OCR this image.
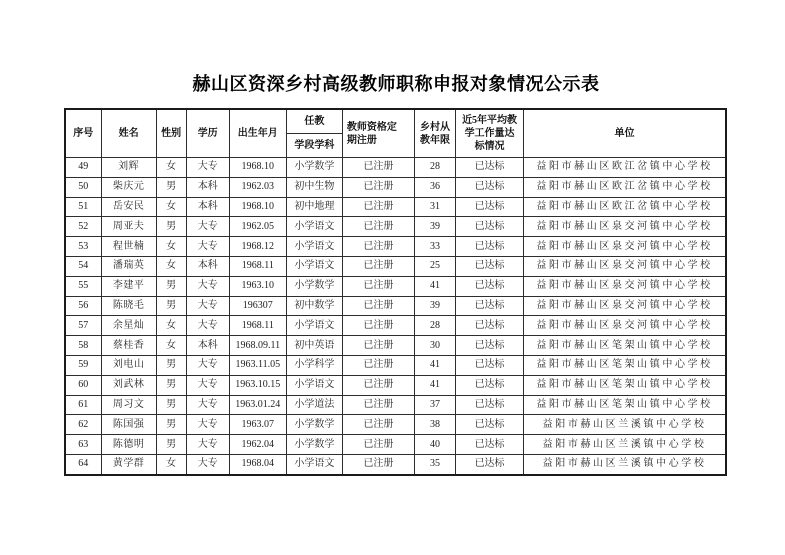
赫山区资深乡村高级教师职称申报对象情况公示表
序号	姓名	性别	学历	出生年月	任教	教师资格定期注册	乡村从教年限	近5年平均教学工作量达标情况	单位
					学段学科				
49	刘辉	女	大专	1968.10	小学数学	已注册	28	已达标	益阳市赫山区欧江岔镇中心学校
50	柴庆元	男	本科	1962.03	初中生物	已注册	36	已达标	益阳市赫山区欧江岔镇中心学校
51	岳安民	女	本科	1968.10	初中地理	已注册	31	已达标	益阳市赫山区欧江岔镇中心学校
52	周亚夫	男	大专	1962.05	小学语文	已注册	39	已达标	益阳市赫山区泉交河镇中心学校
53	程世楠	女	大专	1968.12	小学语文	已注册	33	已达标	益阳市赫山区泉交河镇中心学校
54	潘瑞英	女	本科	1968.11	小学语文	已注册	25	已达标	益阳市赫山区泉交河镇中心学校
55	李建平	男	大专	1963.10	小学数学	已注册	41	已达标	益阳市赫山区泉交河镇中心学校
56	陈晓毛	男	大专	196307	初中数学	已注册	39	已达标	益阳市赫山区泉交河镇中心学校
57	余星灿	女	大专	1968.11	小学语文	已注册	28	已达标	益阳市赫山区泉交河镇中心学校
58	蔡桂香	女	本科	1968.09.11	初中英语	已注册	30	已达标	益阳市赫山区笔架山镇中心学校
59	刘电山	男	大专	1963.11.05	小学科学	已注册	41	已达标	益阳市赫山区笔架山镇中心学校
60	刘武林	男	大专	1963.10.15	小学语文	已注册	41	已达标	益阳市赫山区笔架山镇中心学校
61	周习文	男	大专	1963.01.24	小学道法	已注册	37	已达标	益阳市赫山区笔架山镇中心学校
62	陈国强	男	大专	1963.07	小学数学	已注册	38	已达标	益阳市赫山区兰溪镇中心学校
63	陈德明	男	大专	1962.04	小学数学	已注册	40	已达标	益阳市赫山区兰溪镇中心学校
64	黄学群	女	大专	1968.04	小学语文	已注册	35	已达标	益阳市赫山区兰溪镇中心学校
